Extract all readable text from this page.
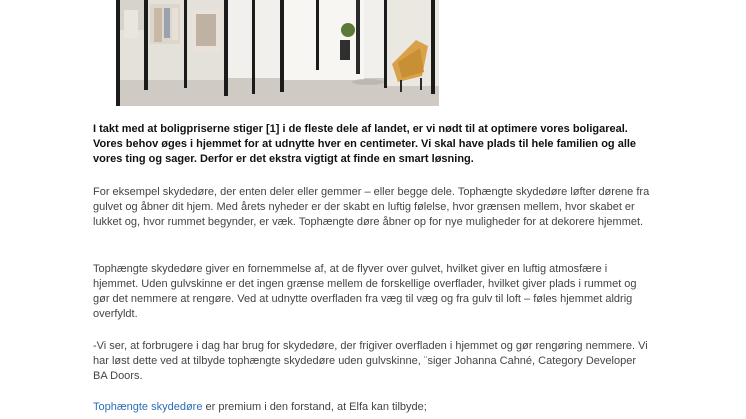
I takt med at boligpriserne stiger [1] i de fleste dele af landet, er vi nødt til at optimere vores boligareal. Vores behov øges i hjemmet for at udnytte hver en centimeter. Vi skal have plads til hele familien og alle vores ting og sager. Derfor er det ekstra vigtigt at finde en smart løsning.

For eksempel skydedøre, der enten deler eller gemmer – eller begge dele. Tophængte skydedøre løfter dørene fra gulvet og åbner dit hjem. Med årets nyheder er der skabt en luftig følelse, hvor grænsen mellem, hvor skabet er lukket og, hvor rummet begynder, er væk. Tophængte døre åbner op for nye muligheder for at dekorere hjemmet.

Tophængte skydedøre giver en fornemmelse af, at de flyver over gulvet, hvilket giver en luftig atmosfære i hjemmet. Uden gulvskinne er det ingen grænse mellem de forskellige overflader, hvilket giver plads i rummet og gør det nemmere at rengøre. Ved at udnytte overfladen fra væg til væg og fra gulv til loft – føles hjemmet aldrig overfyldt.

-Vi ser, at forbrugere i dag har brug for skydedøre, der frigiver overfladen i hjemmet og gør rengøring nemmere. Vi har løst dette ved at tilbyde tophængte skydedøre uden gulvskinne, ¨siger Johanna Cahné, Category Developer BA Doors.

Tophængte skydedøre er premium i den forstand, at Elfa kan tilbyde;
